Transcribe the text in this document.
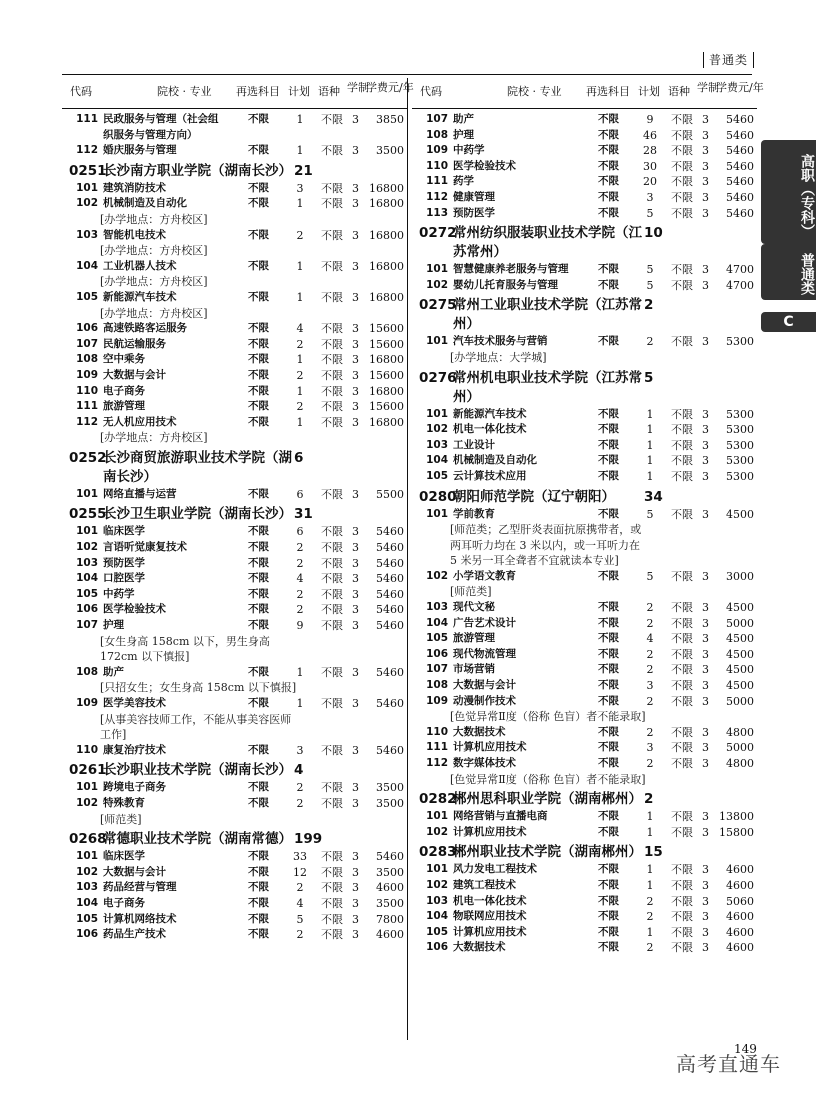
普通类
代码	院校 · 专业 再选科目 计划 语种 学制
学费元/年
111 民政服务与管理（社会组	不限	1	不限 3	3850
织服务与管理方向）
112 婚庆服务与管理	不限	1	不限 3	3500
0251
长沙南方职业学院（湖南长沙） 21
101 建筑消防技术	不限	3	不限 3 16800
102 机械制造及自动化	不限	1	不限 3 16800
[办学地点：方舟校区]
103 智能机电技术	不限	2	不限 3 16800
[办学地点：方舟校区]
104 工业机器人技术	不限	1	不限 3 16800
[办学地点：方舟校区]
105 新能源汽车技术	不限	1	不限 3 16800
[办学地点：方舟校区]
106 高速铁路客运服务	不限	4	不限 3 15600
107 民航运输服务	不限	2	不限 3 15600
108 空中乘务	不限	1	不限 3 16800
109 大数据与会计	不限	2	不限 3 15600
110 电子商务	不限	1	不限 3 16800
111 旅游管理	不限	2	不限 3 15600
112 无人机应用技术	不限	1	不限 3 16800
[办学地点：方舟校区]
0252
长沙商贸旅游职业技术学院（湖南长沙）
6
101 网络直播与运营	不限	6	不限 3	5500
0255
长沙卫生职业学院（湖南长沙） 31
101 临床医学	不限	6	不限 3	5460
102 言语听觉康复技术	不限	2	不限 3	5460
103 预防医学	不限	2	不限 3	5460
104 口腔医学	不限	4	不限 3	5460
105 中药学	不限	2	不限 3	5460
106 医学检验技术	不限	2	不限 3	5460
107 护理	不限	9	不限 3	5460
[女生身高 158cm 以下，男生身高 172cm 以下慎报]
108 助产	不限	1	不限 3	5460
[只招女生；女生身高 158cm 以下慎报]
109 医学美容技术	不限	1	不限 3	5460
[从事美容技师工作，不能从事美容医师工作]
110 康复治疗技术	不限	3	不限 3	5460
0261
长沙职业技术学院（湖南长沙） 4
101 跨境电子商务	不限	2	不限 3	3500
102 特殊教育	不限	2	不限 3	3500
[师范类]
0268
常德职业技术学院（湖南常德） 199
101 临床医学	不限 33 不限 3	5460
102 大数据与会计	不限 12 不限 3	3500
103 药品经营与管理	不限	2	不限 3	4600
104 电子商务	不限	4	不限 3	3500
105 计算机网络技术	不限	5	不限 3	7800
106 药品生产技术	不限	2	不限 3	4600
代码	院校 · 专业 再选科目 计划 语种 学制
学费元/年
107 助产	不限	9	不限 3	5460
108 护理	不限 46 不限 3	5460
109 中药学	不限 28 不限 3	5460
110 医学检验技术	不限 30 不限 3	5460
111 药学	不限 20 不限 3	5460
112 健康管理	不限	3	不限 3	5460
113 预防医学	不限	5	不限 3	5460
0272
常州纺织服装职业技术学院（江苏常州）
10
101 智慧健康养老服务与管理	不限	5	不限 3	4700
102 婴幼儿托育服务与管理	不限	5	不限 3	4700
0275
常州工业职业技术学院（江苏常州）
2
101 汽车技术服务与营销	不限	2	不限 3	5300
[办学地点：大学城]
0276
常州机电职业技术学院（江苏常州）
5
101 新能源汽车技术	不限	1	不限 3	5300
102 机电一体化技术	不限	1	不限 3	5300
103 工业设计	不限	1	不限 3	5300
104 机械制造及自动化	不限	1	不限 3	5300
105 云计算技术应用	不限	1	不限 3	5300
0280
朝阳师范学院（辽宁朝阳）	34
101 学前教育	不限	5	不限 3	4500
[师范类；乙型肝炎表面抗原携带者，或两耳听力均在 3 米以内，或一耳听力在 5 米另一耳全聋者不宜就读本专业]
102 小学语文教育	不限	5	不限 3	3000
[师范类]
103 现代文秘	不限	2	不限 3	4500
104 广告艺术设计	不限	2	不限 3	5000
105 旅游管理	不限	4	不限 3	4500
106 现代物流管理	不限	2	不限 3	4500
107 市场营销	不限	2	不限 3	4500
108 大数据与会计	不限	3	不限 3	4500
109 动漫制作技术	不限	2	不限 3	5000
[色觉异常Ⅱ度（俗称 色盲）者不能录取]
110 大数据技术	不限	2	不限 3	4800
111 计算机应用技术	不限	3	不限 3	5000
112 数字媒体技术	不限	2	不限 3	4800
[色觉异常Ⅱ度（俗称 色盲）者不能录取]
0282
郴州思科职业学院（湖南郴州） 2
101 网络营销与直播电商	不限	1	不限 3 13800
102 计算机应用技术	不限	1	不限 3 15800
0283
郴州职业技术学院（湖南郴州） 15
101 风力发电工程技术	不限	1	不限 3	4600
102 建筑工程技术	不限	1	不限 3	4600
103 机电一体化技术	不限	2	不限 3	5060
104 物联网应用技术	不限	2	不限 3	4600
105 计算机应用技术	不限	1	不限 3	4600
106 大数据技术	不限	2	不限 3	4600
高职（专科）
普通类
C
149
高考直通车
